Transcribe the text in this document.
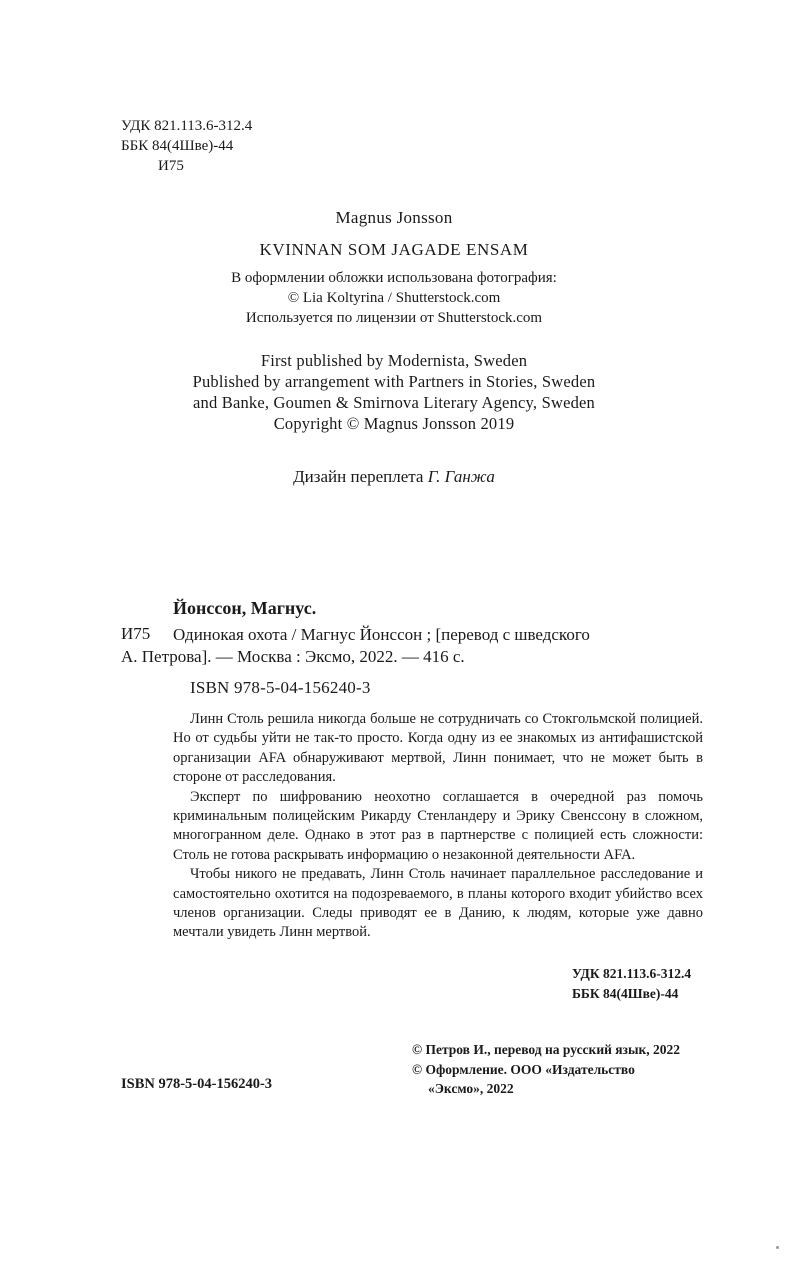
УДК 821.113.6-312.4
ББК 84(4Шве)-44
И75
Magnus Jonsson
KVINNAN SOM JAGADE ENSAM
В оформлении обложки использована фотография:
© Lia Koltyrina / Shutterstock.com
Используется по лицензии от Shutterstock.com
First published by Modernista, Sweden
Published by arrangement with Partners in Stories, Sweden
and Banke, Goumen & Smirnova Literary Agency, Sweden
Copyright © Magnus Jonsson 2019
Дизайн переплета Г. Ганжа
Йонссон, Магнус.
И75 Одинокая охота / Магнус Йонссон ; [перевод с шведского
А. Петрова]. — Москва : Эксмо, 2022. — 416 с.
ISBN 978-5-04-156240-3

Линн Столь решила никогда больше не сотрудничать со Стокгольмской полицией. Но от судьбы уйти не так-то просто. Когда одну из ее знакомых из антифашистской организации AFA обнаруживают мертвой, Линн понимает, что не может быть в стороне от расследования.

Эксперт по шифрованию неохотно соглашается в очередной раз помочь криминальным полицейским Рикарду Стенландеру и Эрику Свенссону в сложном, многогранном деле. Однако в этот раз в партнерстве с полицией есть сложности: Столь не готова раскрывать информацию о незаконной деятельности AFA.

Чтобы никого не предавать, Линн Столь начинает параллельное расследование и самостоятельно охотится на подозреваемого, в планы которого входит убийство всех членов организации. Следы приводят ее в Данию, к людям, которые уже давно мечтали увидеть Линн мертвой.

УДК 821.113.6-312.4
ББК 84(4Шве)-44
© Петров И., перевод на русский язык, 2022
© Оформление. ООО «Издательство
«Эксмо», 2022
ISBN 978-5-04-156240-3
